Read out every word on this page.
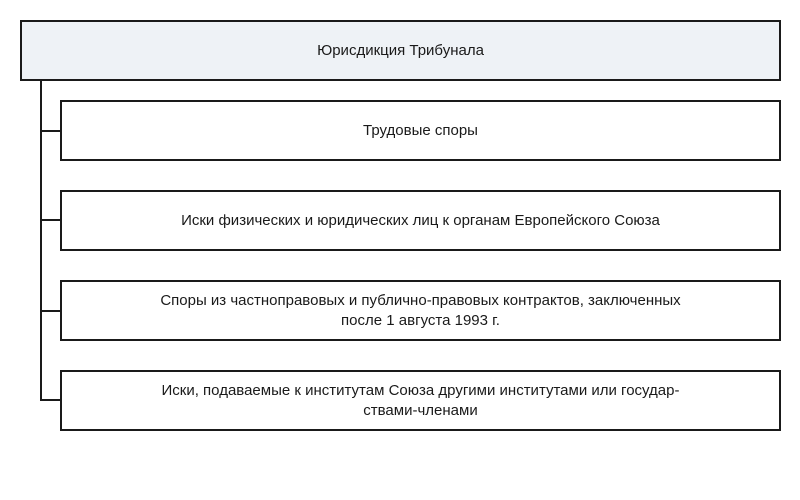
Юрисдикция Трибунала
Трудовые споры
Иски физических и юридических лиц к органам Европейского Союза
Споры из частноправовых и публично-правовых контрактов, заключенных
после 1 августа 1993 г.
Иски, подаваемые к институтам Союза другими институтами или государ-
ствами-членами
